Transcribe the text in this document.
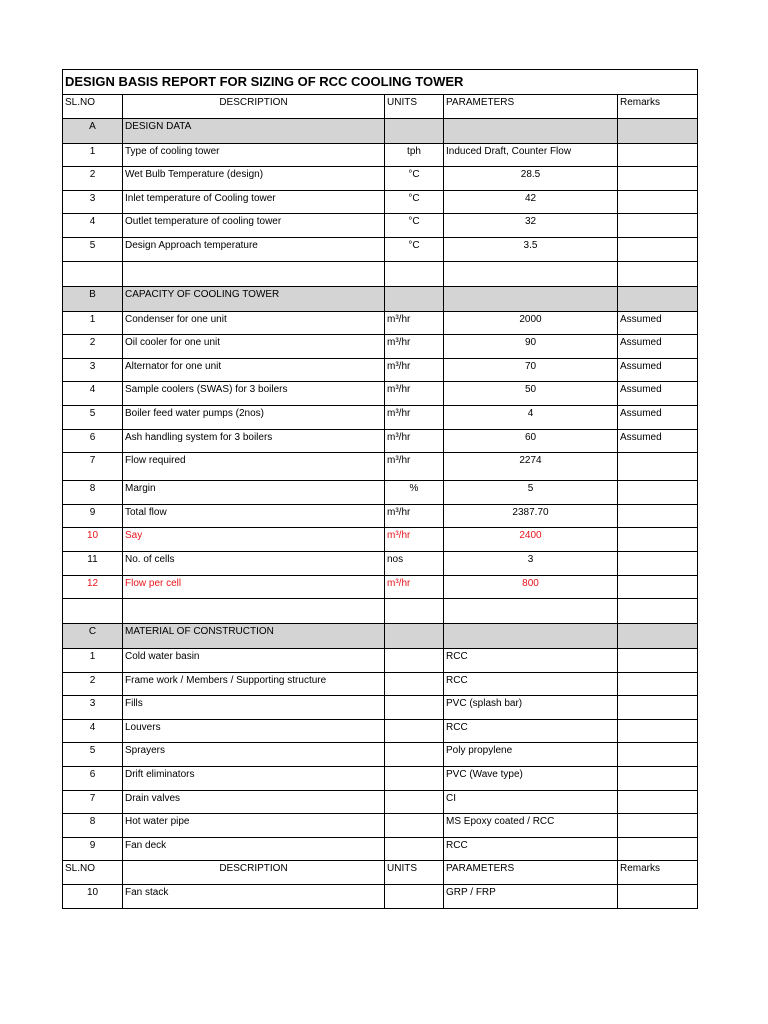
DESIGN BASIS REPORT FOR SIZING OF RCC COOLING TOWER				
SL.NO	DESCRIPTION	UNITS	PARAMETERS	Remarks
A	DESIGN DATA			
1	Type of cooling tower	tph	Induced Draft, Counter Flow	
2	Wet Bulb Temperature (design)	°C	28.5	
3	Inlet temperature of Cooling tower	°C	42	
4	Outlet temperature of cooling tower	°C	32	
5	Design Approach temperature	°C	3.5	

B	CAPACITY OF COOLING TOWER			
1	Condenser for one unit	m³/hr	2000	Assumed
2	Oil cooler for one unit	m³/hr	90	Assumed
3	Alternator for one unit	m³/hr	70	Assumed
4	Sample coolers (SWAS) for 3 boilers	m³/hr	50	Assumed
5	Boiler feed water pumps (2nos)	m³/hr	4	Assumed
6	Ash handling system for 3 boilers	m³/hr	60	Assumed
7	Flow required	m³/hr	2274	
8	Margin	%	5	
9	Total flow	m³/hr	2387.70	
10	Say	m³/hr	2400	
11	No. of cells	nos	3	
12	Flow per cell	m³/hr	800	

C	MATERIAL OF CONSTRUCTION			
1	Cold water basin		RCC	
2	Frame work / Members / Supporting structure		RCC	
3	Fills		PVC (splash bar)	
4	Louvers		RCC	
5	Sprayers		Poly propylene	
6	Drift eliminators		PVC (Wave type)	
7	Drain valves		CI	
8	Hot water pipe		MS Epoxy coated / RCC	
9	Fan deck		RCC	
SL.NO	DESCRIPTION	UNITS	PARAMETERS	Remarks
10	Fan stack		GRP / FRP	
